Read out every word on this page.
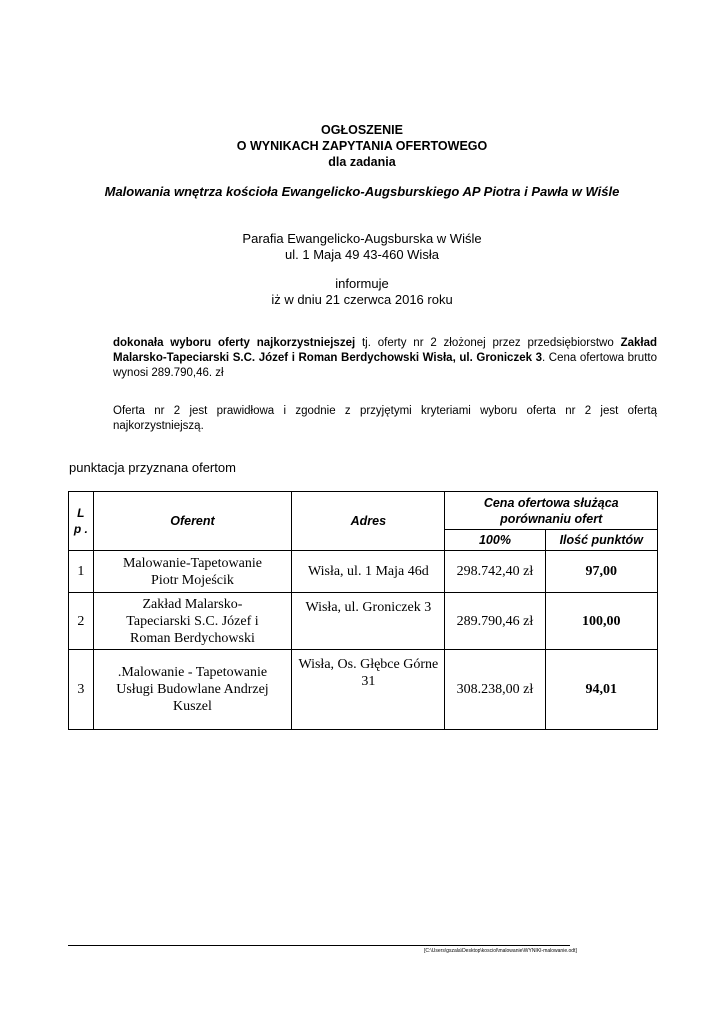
OGŁOSZENIE
O WYNIKACH ZAPYTANIA OFERTOWEGO
dla zadania
Malowania wnętrza kościoła Ewangelicko-Augsburskiego AP Piotra i Pawła w Wiśle
Parafia Ewangelicko-Augsburska w Wiśle
ul. 1 Maja 49 43-460 Wisła
informuje
iż w dniu 21 czerwca 2016 roku
dokonała wyboru oferty najkorzystniejszej tj. oferty nr 2 złożonej przez przedsiębiorstwo Zakład Malarsko-Tapeciarski S.C. Józef i Roman Berdychowski Wisła, ul. Groniczek 3. Cena ofertowa brutto wynosi 289.790,46. zł
Oferta nr 2 jest prawidłowa i zgodnie z przyjętymi kryteriami wyboru oferta nr 2 jest ofertą najkorzystniejszą.
punktacja przyznana ofertom
L p .	Oferent	Adres	Cena ofertowa służąca porównaniu ofert	
			100%	Ilość punktów
1	Malowanie-Tapetowanie Piotr Mojeścik	Wisła, ul. 1 Maja 46d	298.742,40 zł	97,00
2	Zakład Malarsko-Tapeciarski S.C. Józef i Roman Berdychowski	Wisła, ul. Groniczek 3	289.790,46 zł	100,00
3	.Malowanie - Tapetowanie Usługi Budowlane Andrzej Kuszel	Wisła, Os. Głębce Górne 31	308.238,00 zł	94,01
[C:\Users\gszala\Desktop\kosciol\malowanie\WYNIKI-malowanie.odt]
